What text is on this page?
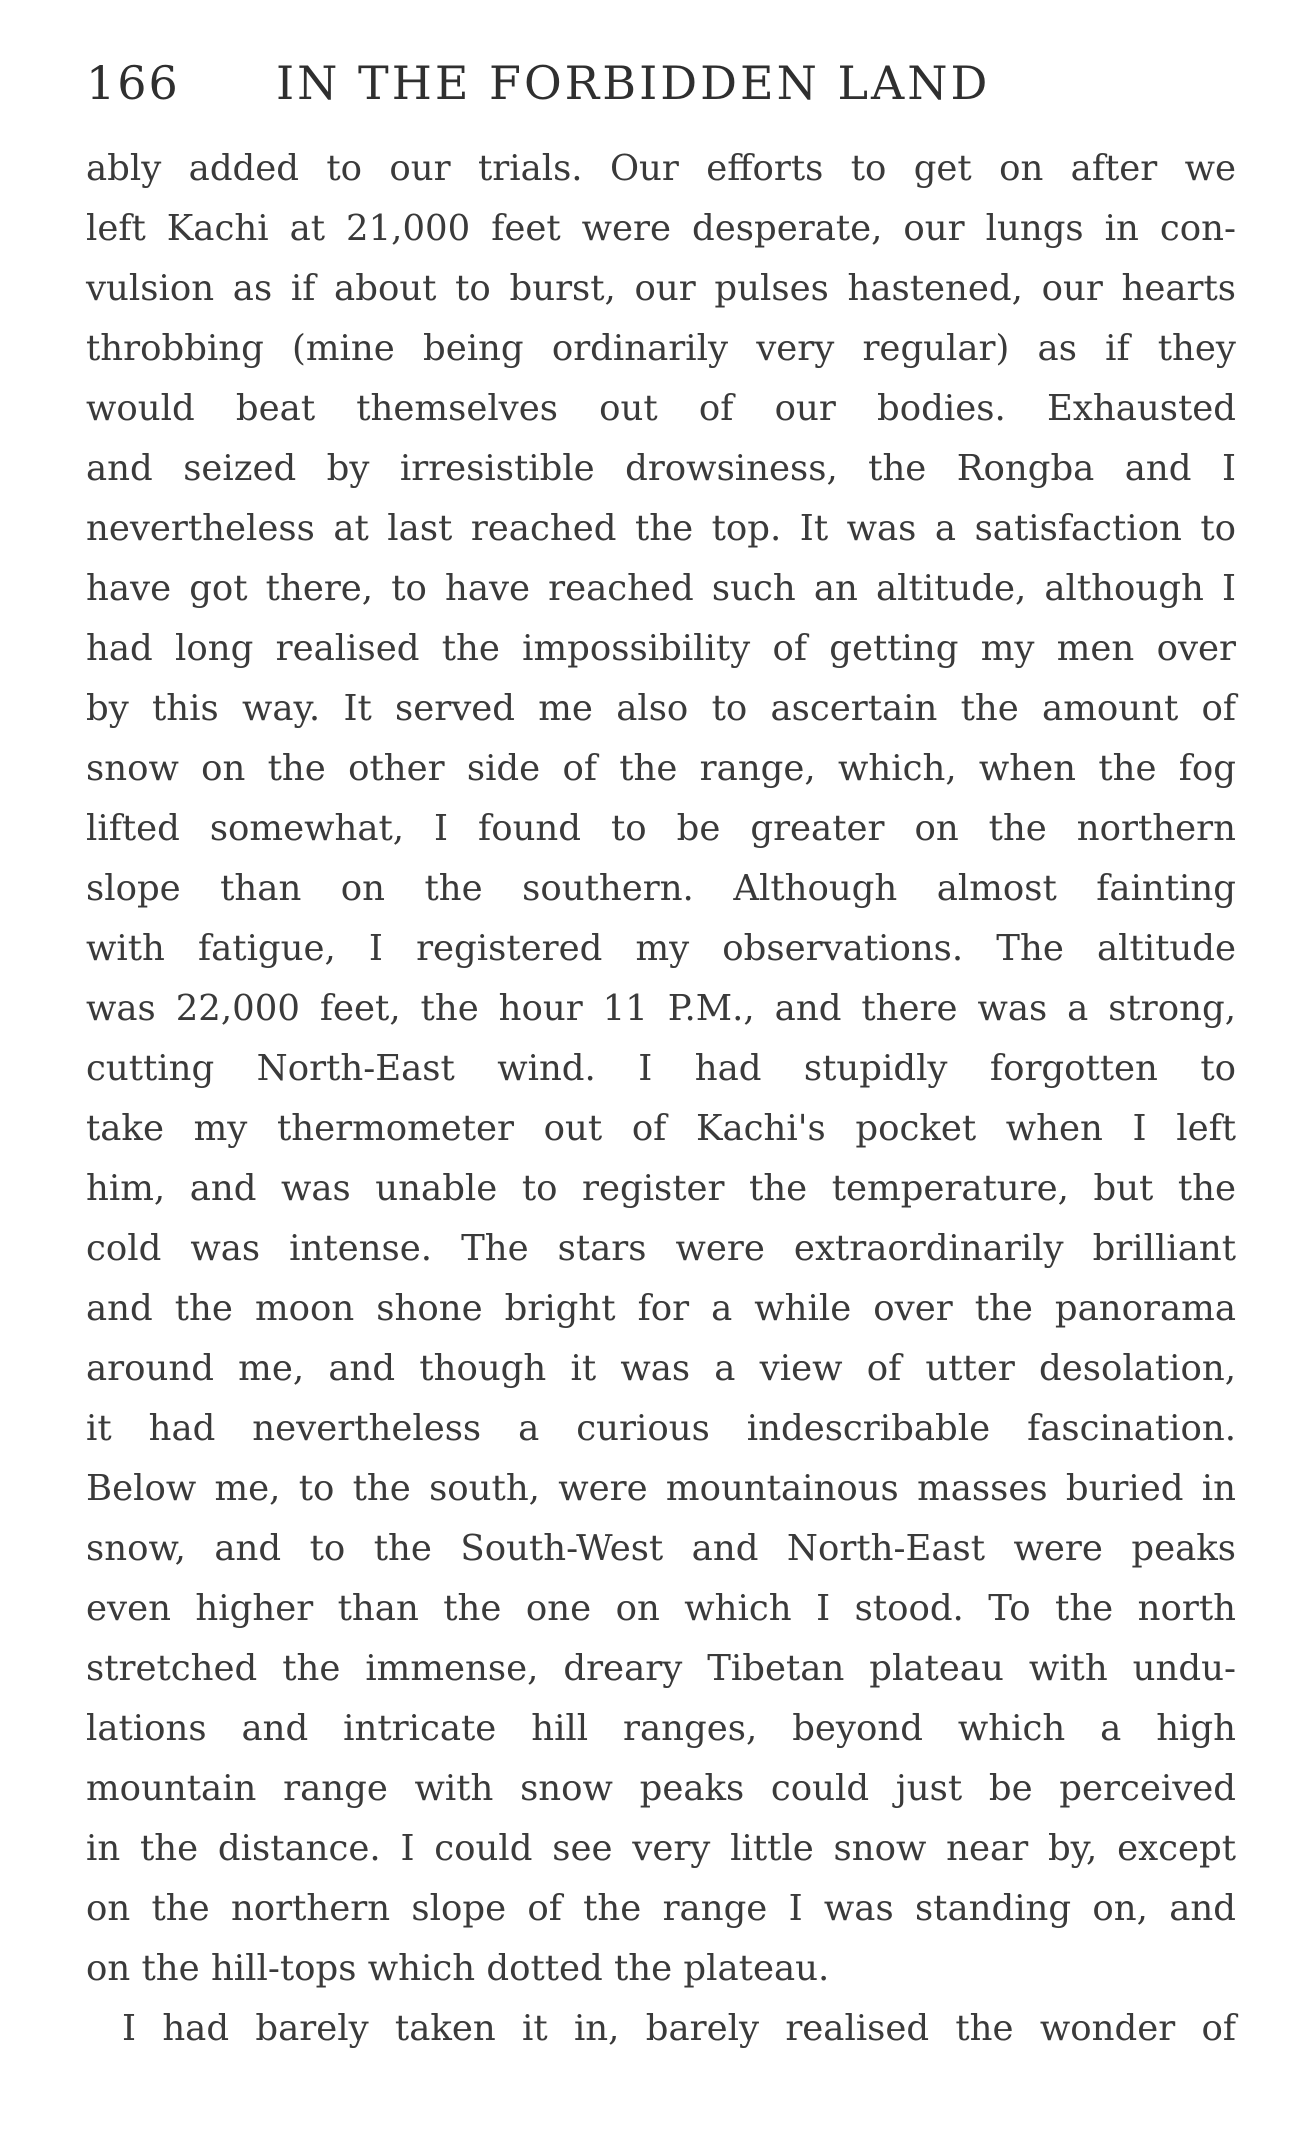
166 IN THE FORBIDDEN LAND
ably added to our trials. Our efforts to get on after we
left Kachi at 21,000 feet were desperate, our lungs in con-
vulsion as if about to burst, our pulses hastened, our hearts
throbbing (mine being ordinarily very regular) as if they
would beat themselves out of our bodies. Exhausted
and seized by irresistible drowsiness, the Rongba and I
nevertheless at last reached the top. It was a satisfaction to
have got there, to have reached such an altitude, although I
had long realised the impossibility of getting my men over
by this way. It served me also to ascertain the amount of
snow on the other side of the range, which, when the fog
lifted somewhat, I found to be greater on the northern
slope than on the southern. Although almost fainting
with fatigue, I registered my observations. The altitude
was 22,000 feet, the hour 11 P.M., and there was a strong,
cutting North-East wind. I had stupidly forgotten to
take my thermometer out of Kachi's pocket when I left
him, and was unable to register the temperature, but the
cold was intense. The stars were extraordinarily brilliant
and the moon shone bright for a while over the panorama
around me, and though it was a view of utter desolation,
it had nevertheless a curious indescribable fascination.
Below me, to the south, were mountainous masses buried in
snow, and to the South-West and North-East were peaks
even higher than the one on which I stood. To the north
stretched the immense, dreary Tibetan plateau with undu-
lations and intricate hill ranges, beyond which a high
mountain range with snow peaks could just be perceived
in the distance. I could see very little snow near by, except
on the northern slope of the range I was standing on, and
on the hill-tops which dotted the plateau.
I had barely taken it in, barely realised the wonder of
